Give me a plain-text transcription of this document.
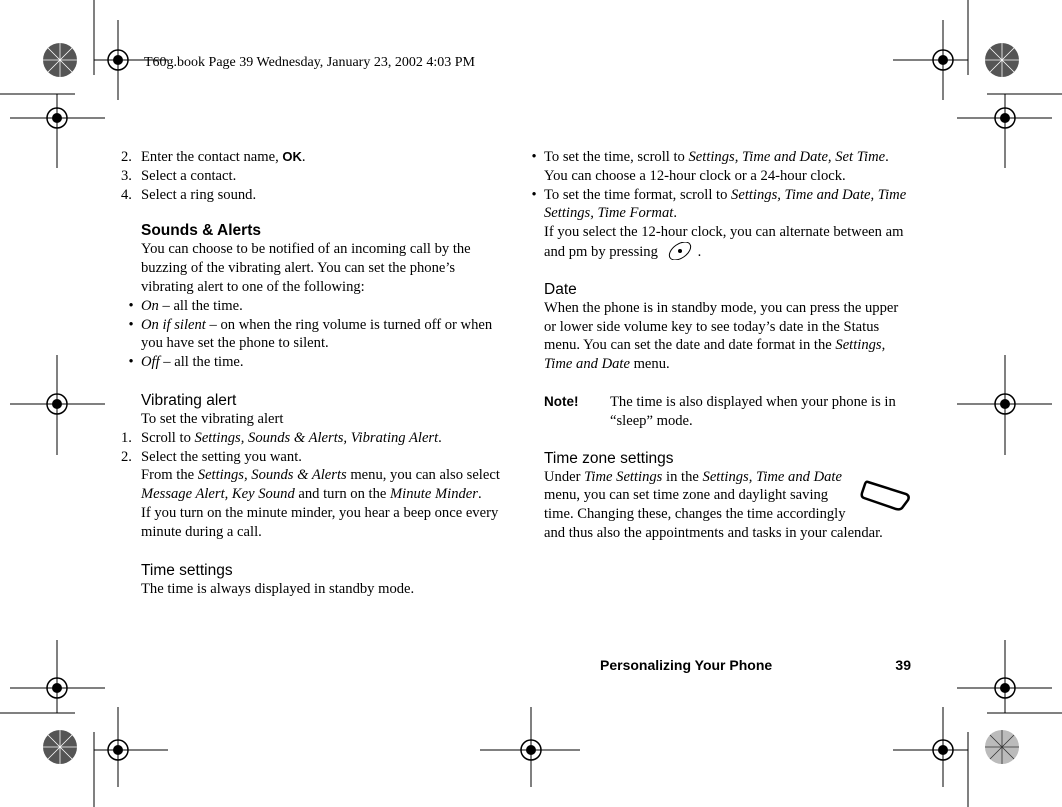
T60g.book Page 39 Wednesday, January 23, 2002 4:03 PM
2. Enter the contact name, OK.
3. Select a contact.
4. Select a ring sound.
Sounds & Alerts
You can choose to be notified of an incoming call by the buzzing of the vibrating alert. You can set the phone’s vibrating alert to one of the following:
• On – all the time.
• On if silent – on when the ring volume is turned off or when you have set the phone to silent.
• Off – all the time.
Vibrating alert
To set the vibrating alert
1. Scroll to Settings, Sounds & Alerts, Vibrating Alert.
2. Select the setting you want.
From the Settings, Sounds & Alerts menu, you can also select Message Alert, Key Sound and turn on the Minute Minder.
If you turn on the minute minder, you hear a beep once every minute during a call.
Time settings
The time is always displayed in standby mode.
• To set the time, scroll to Settings, Time and Date, Set Time.
You can choose a 12-hour clock or a 24-hour clock.
• To set the time format, scroll to Settings, Time and Date, Time Settings, Time Format.
If you select the 12-hour clock, you can alternate between am and pm by pressing	.
Date
When the phone is in standby mode, you can press the upper or lower side volume key to see today’s date in the Status menu. You can set the date and date format in the Settings, Time and Date menu.
Note!	The time is also displayed when your phone is in “sleep” mode.
Time zone settings
Under Time Settings in the Settings, Time and Date menu, you can set time zone and daylight saving time. Changing these, changes the time accordingly and thus also the appointments and tasks in your calendar.
Personalizing Your Phone	39
